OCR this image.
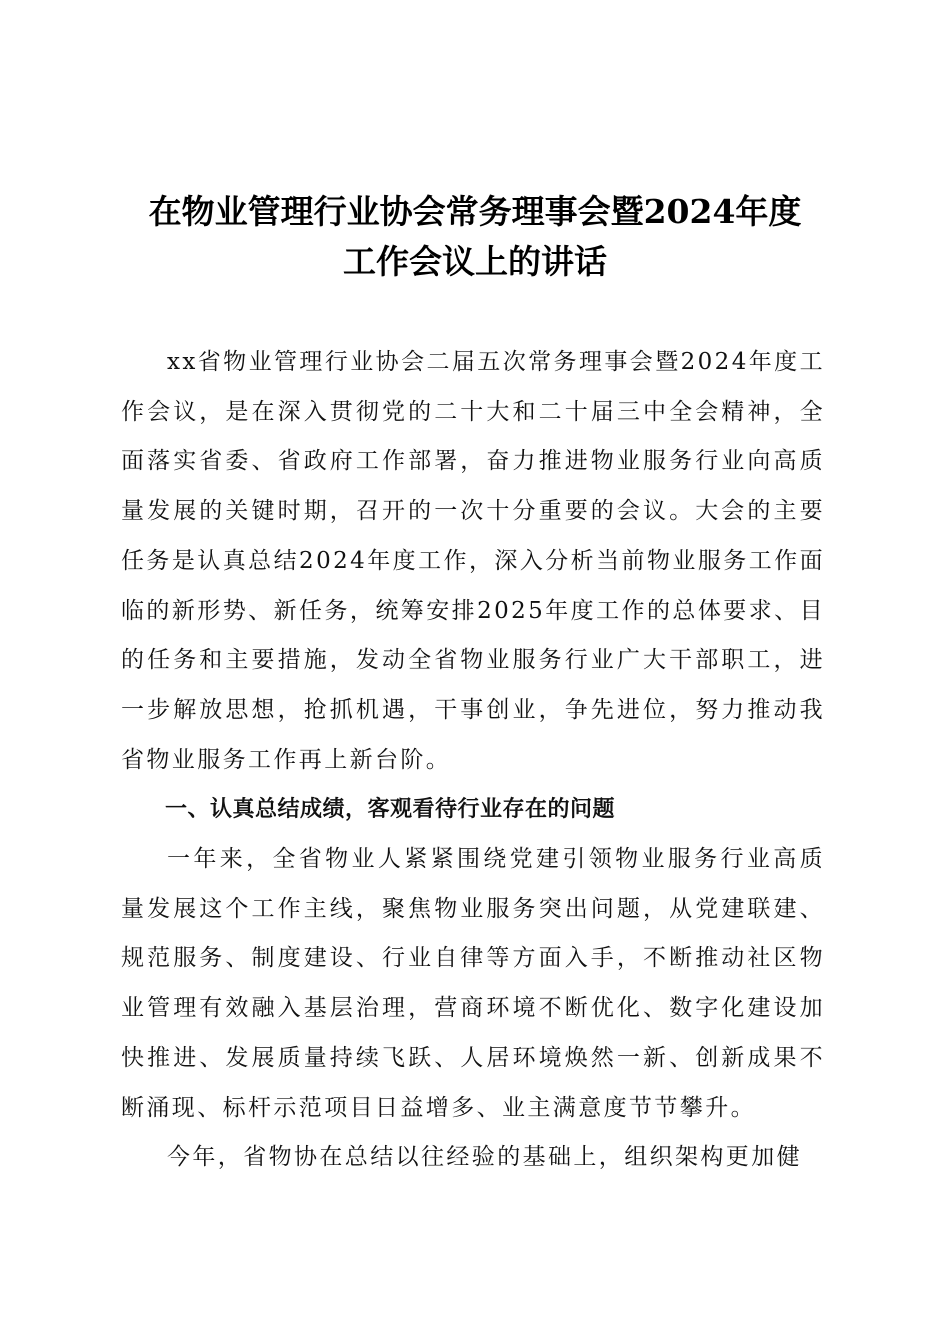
在物业管理行业协会常务理事会暨2024年度
工作会议上的讲话

xx省物业管理行业协会二届五次常务理事会暨2024年度工作会议，是在深入贯彻党的二十大和二十届三中全会精神，全面落实省委、省政府工作部署，奋力推进物业服务行业向高质量发展的关键时期，召开的一次十分重要的会议。大会的主要任务是认真总结2024年度工作，深入分析当前物业服务工作面临的新形势、新任务，统筹安排2025年度工作的总体要求、目的任务和主要措施，发动全省物业服务行业广大干部职工，进一步解放思想，抢抓机遇，干事创业，争先进位，努力推动我省物业服务工作再上新台阶。

一、认真总结成绩，客观看待行业存在的问题

一年来，全省物业人紧紧围绕党建引领物业服务行业高质量发展这个工作主线，聚焦物业服务突出问题，从党建联建、规范服务、制度建设、行业自律等方面入手，不断推动社区物业管理有效融入基层治理，营商环境不断优化、数字化建设加快推进、发展质量持续飞跃、人居环境焕然一新、创新成果不断涌现、标杆示范项目日益增多、业主满意度节节攀升。

今年，省物协在总结以往经验的基础上，组织架构更加健
